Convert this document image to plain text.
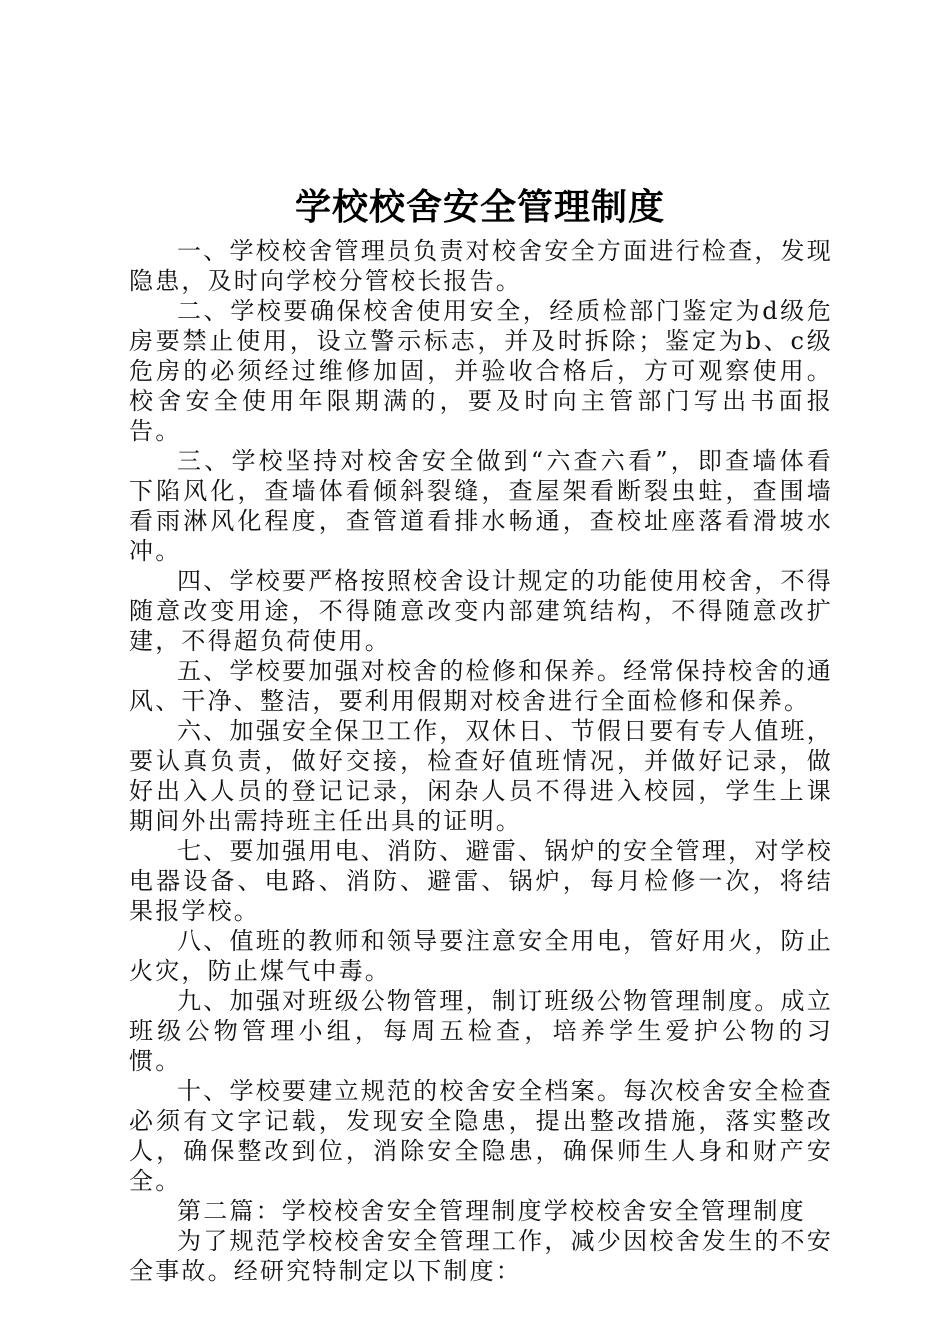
学校校舍安全管理制度

一、学校校舍管理员负责对校舍安全方面进行检查，发现隐患，及时向学校分管校长报告。

二、学校要确保校舍使用安全，经质检部门鉴定为d级危房要禁止使用，设立警示标志，并及时拆除；鉴定为b、c级危房的必须经过维修加固，并验收合格后，方可观察使用。校舍安全使用年限期满的，要及时向主管部门写出书面报告。

三、学校坚持对校舍安全做到“六查六看”，即查墙体看下陷风化，查墙体看倾斜裂缝，查屋架看断裂虫蛀，查围墙看雨淋风化程度，查管道看排水畅通，查校址座落看滑坡水冲。

四、学校要严格按照校舍设计规定的功能使用校舍，不得随意改变用途，不得随意改变内部建筑结构，不得随意改扩建，不得超负荷使用。

五、学校要加强对校舍的检修和保养。经常保持校舍的通风、干净、整洁，要利用假期对校舍进行全面检修和保养。

六、加强安全保卫工作，双休日、节假日要有专人值班，要认真负责，做好交接，检查好值班情况，并做好记录，做好出入人员的登记记录，闲杂人员不得进入校园，学生上课期间外出需持班主任出具的证明。

七、要加强用电、消防、避雷、锅炉的安全管理，对学校电器设备、电路、消防、避雷、锅炉，每月检修一次，将结果报学校。

八、值班的教师和领导要注意安全用电，管好用火，防止火灾，防止煤气中毒。

九、加强对班级公物管理，制订班级公物管理制度。成立班级公物管理小组，每周五检查，培养学生爱护公物的习惯。

十、学校要建立规范的校舍安全档案。每次校舍安全检查必须有文字记载，发现安全隐患，提出整改措施，落实整改人，确保整改到位，消除安全隐患，确保师生人身和财产安全。

第二篇：学校校舍安全管理制度学校校舍安全管理制度

为了规范学校校舍安全管理工作，减少因校舍发生的不安全事故。经研究特制定以下制度：
